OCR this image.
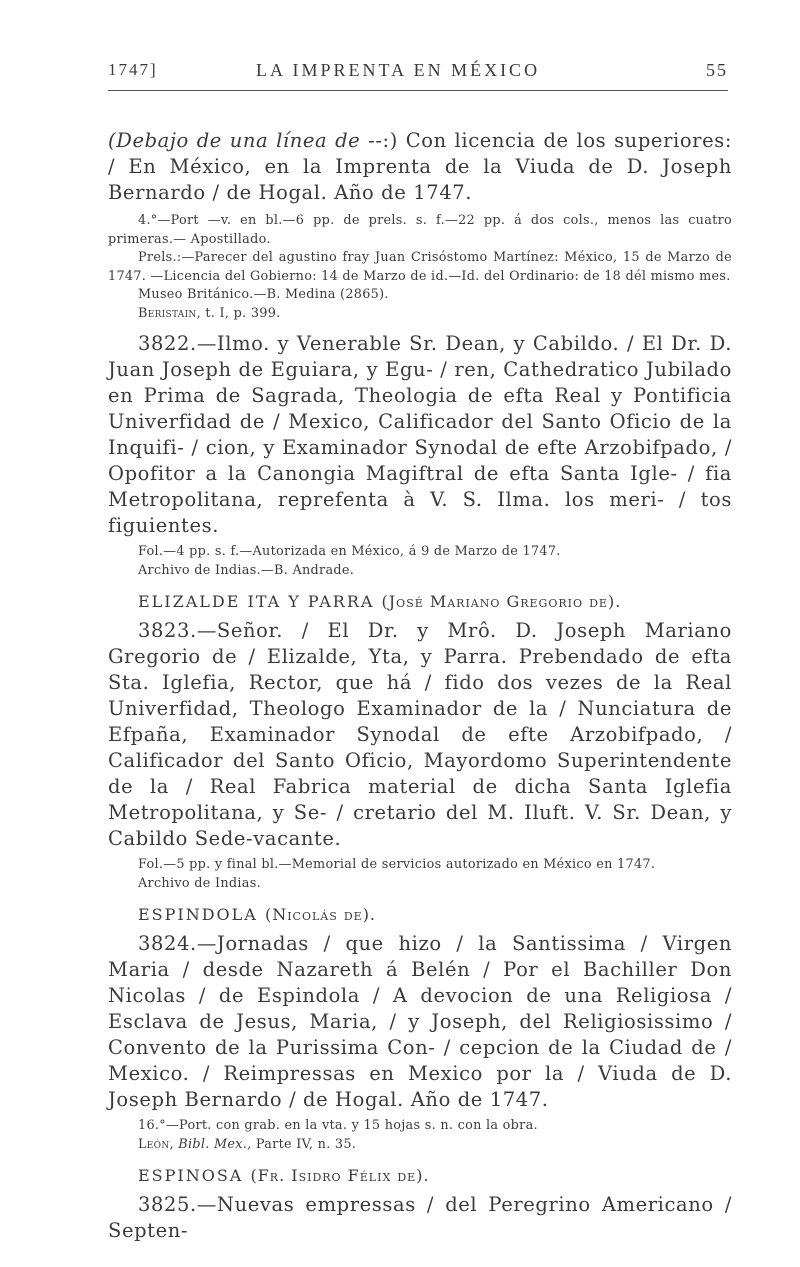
1747]	LA IMPRENTA EN MÉXICO	55

(Debajo de una línea de --:) Con licencia de los superiores: / En México, en la Imprenta de la Viuda de D. Joseph Bernardo / de Hogal. Año de 1747.

4.°—Port —v. en bl.—6 pp. de prels. s. f.—22 pp. á dos cols., menos las cuatro primeras.— Apostillado.

Prels.:—Parecer del agustino fray Juan Crisóstomo Martínez: México, 15 de Marzo de 1747. —Licencia del Gobierno: 14 de Marzo de id.—Id. del Ordinario: de 18 dél mismo mes.

Museo Británico.—B. Medina (2865).

Beristain, t. I, p. 399.

3822.—Ilmo. y Venerable Sr. Dean, y Cabildo. / El Dr. D. Juan Joseph de Eguiara, y Egu- / ren, Cathedratico Jubilado en Prima de Sagrada, Theologia de efta Real y Pontificia Univerfidad de / Mexico, Calificador del Santo Oficio de la Inquifi- / cion, y Examinador Synodal de efte Arzobifpado, / Opofitor a la Canongia Magiftral de efta Santa Igle- / fia Metropolitana, reprefenta à V. S. Ilma. los meri- / tos figuientes.

Fol.—4 pp. s. f.—Autorizada en México, á 9 de Marzo de 1747.

Archivo de Indias.—B. Andrade.

ELIZALDE ITA Y PARRA (José Mariano Gregorio de).

3823.—Señor. / El Dr. y Mrô. D. Joseph Mariano Gregorio de / Elizalde, Yta, y Parra. Prebendado de efta Sta. Iglefia, Rector, que há / fido dos vezes de la Real Univerfidad, Theologo Examinador de la / Nunciatura de Efpaña, Examinador Synodal de efte Arzobifpado, / Calificador del Santo Oficio, Mayordomo Superintendente de la / Real Fabrica material de dicha Santa Iglefia Metropolitana, y Se- / cretario del M. Iluft. V. Sr. Dean, y Cabildo Sede-vacante.

Fol.—5 pp. y final bl.—Memorial de servicios autorizado en México en 1747.

Archivo de Indias.

ESPINDOLA (Nicolás de).

3824.—Jornadas / que hizo / la Santissima / Virgen Maria / desde Nazareth á Belén / Por el Bachiller Don Nicolas / de Espindola / A devocion de una Religiosa / Esclava de Jesus, Maria, / y Joseph, del Religiosissimo / Convento de la Purissima Con- / cepcion de la Ciudad de / Mexico. / Reimpressas en Mexico por la / Viuda de D. Joseph Bernardo / de Hogal. Año de 1747.

16.°—Port. con grab. en la vta. y 15 hojas s. n. con la obra.

León, Bibl. Mex., Parte IV, n. 35.

ESPINOSA (Fr. Isidro Félix de).

3825.—Nuevas empressas / del Peregrino Americano / Septen-
